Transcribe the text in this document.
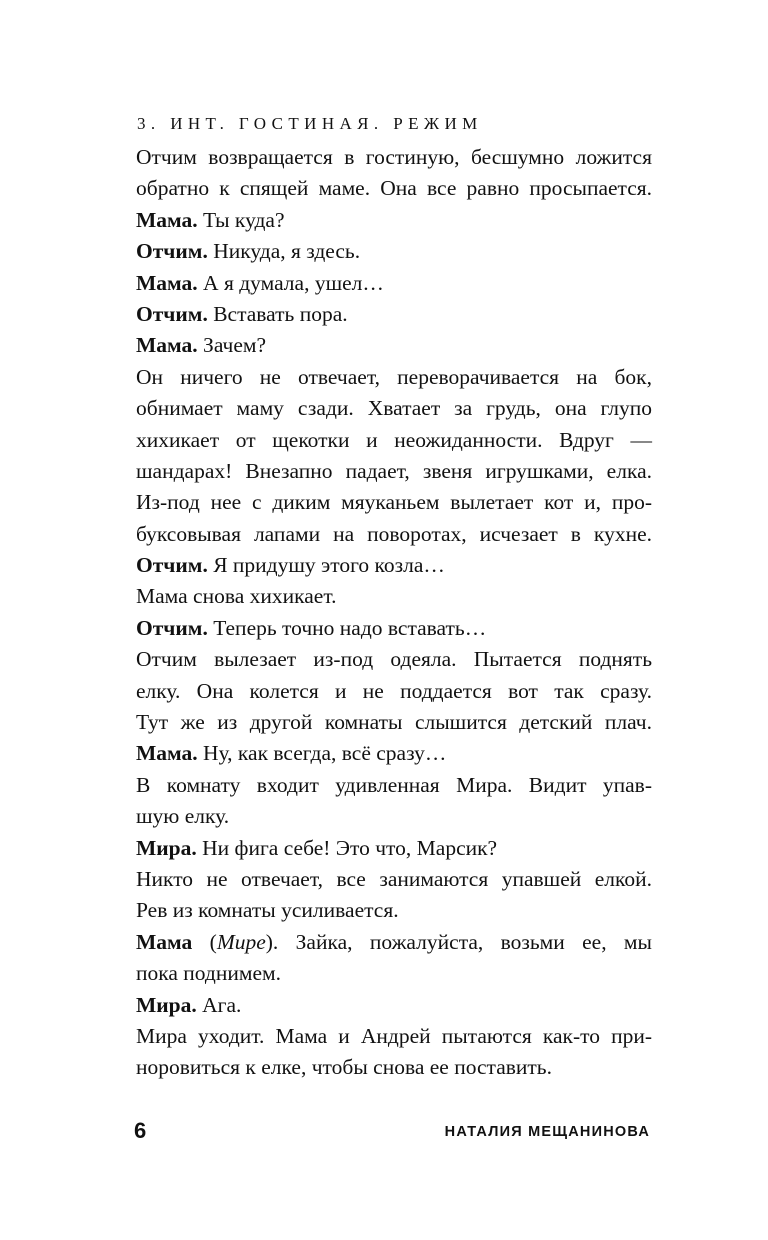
3. ИНТ. ГОСТИНАЯ. РЕЖИМ
Отчим возвращается в гостиную, бесшумно ложится
обратно к спящей маме. Она все равно просыпается.
Мама. Ты куда?
Отчим. Никуда, я здесь.
Мама. А я думала, ушел…
Отчим. Вставать пора.
Мама. Зачем?
Он ничего не отвечает, переворачивается на бок,
обнимает маму сзади. Хватает за грудь, она глупо
хихикает от щекотки и неожиданности. Вдруг —
шандарах! Внезапно падает, звеня игрушками, елка.
Из-под нее с диким мяуканьем вылетает кот и, про-
буксовывая лапами на поворотах, исчезает в кухне.
Отчим. Я придушу этого козла…
Мама снова хихикает.
Отчим. Теперь точно надо вставать…
Отчим вылезает из-под одеяла. Пытается поднять
елку. Она колется и не поддается вот так сразу.
Тут же из другой комнаты слышится детский плач.
Мама. Ну, как всегда, всё сразу…
В комнату входит удивленная Мира. Видит упав-
шую елку.
Мира. Ни фига себе! Это что, Марсик?
Никто не отвечает, все занимаются упавшей елкой.
Рев из комнаты усиливается.
Мама (Мире). Зайка, пожалуйста, возьми ее, мы
пока поднимем.
Мира. Ага.
Мира уходит. Мама и Андрей пытаются как-то при-
норовиться к елке, чтобы снова ее поставить.
6	НАТАЛИЯ МЕЩАНИНОВА
